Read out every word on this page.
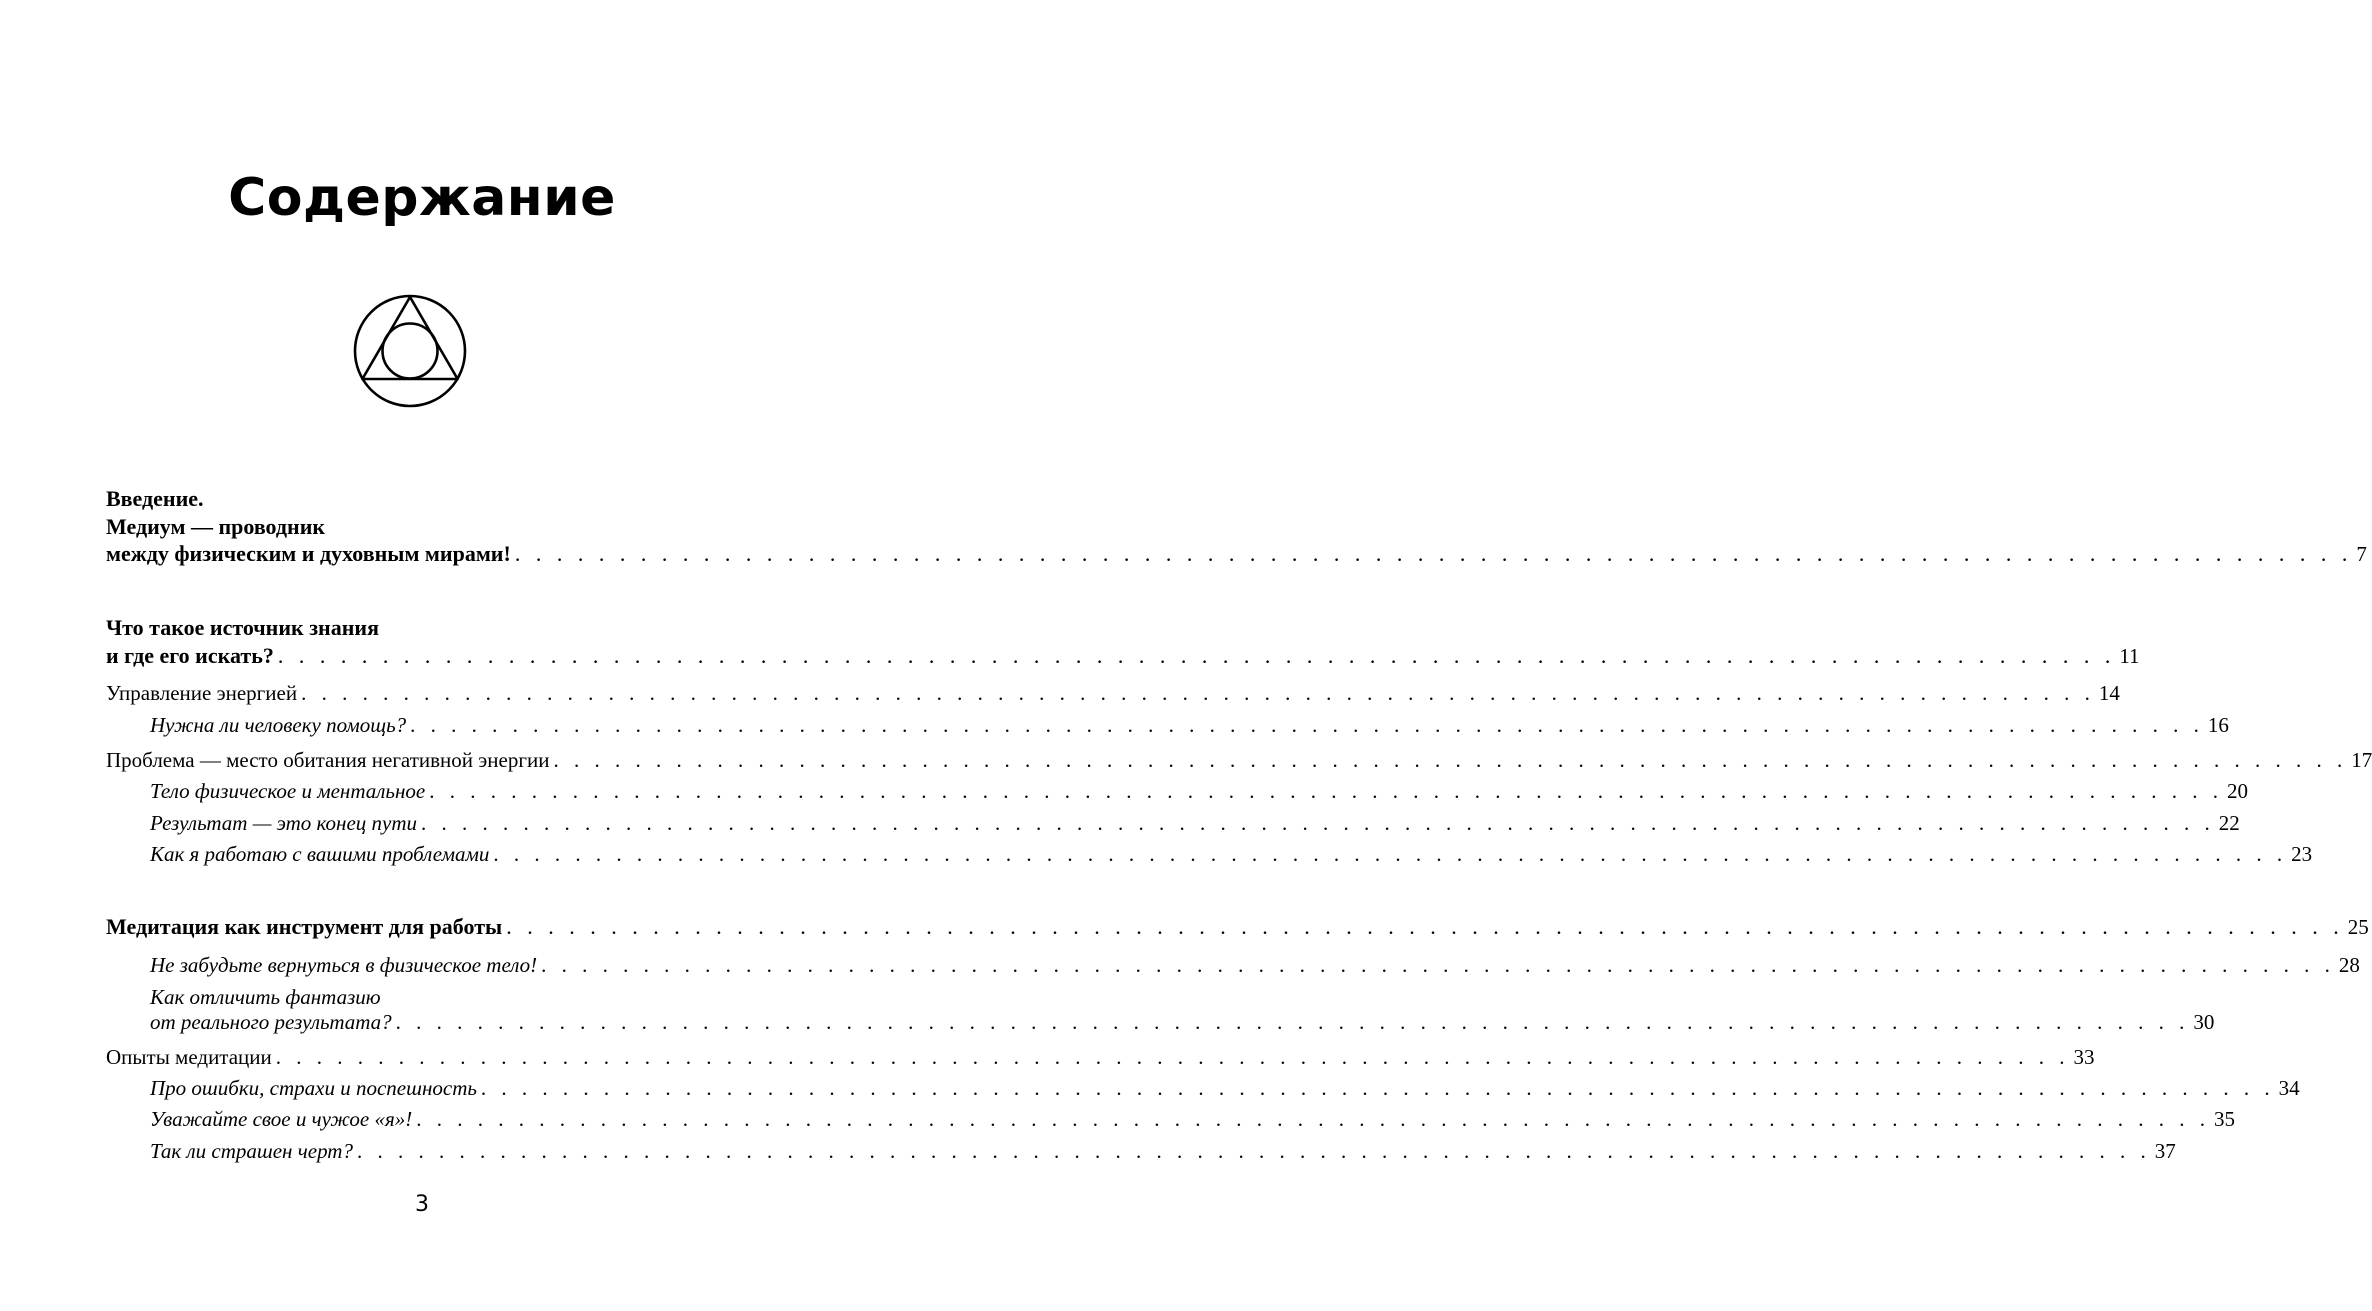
Содержание
Введение.
Медиум — проводник
между физическим и духовным мирами! . . . . . . . . . . . . . . . . . . . . . . . . . . . . . . . . . . . . . . . . . . . . . . . . . . . . . . . . . . . . . . . . . . . . . . . . . . . . . . . . . . . . . . . . 7
Что такое источник знания
и где его искать? . . . . . . . . . . . . . . . . . . . . . . . . . . . . . . . . . . . . . . . . . . . . . . . . . . . . . . . . . . . . . . . . . . . . . . . . . . . . . . . . . . . . . . . . 11
Управление энергией . . . . . . . . . . . . . . . . . . . . . . . . . . . . . . . . . . . . . . . . . . . . . . . . . . . . . . . . . . . . . . . . . . . . . . . . . . . . . . . . . . . . . . . . 14
Нужна ли человеку помощь? . . . . . . . . . . . . . . . . . . . . . . . . . . . . . . . . . . . . . . . . . . . . . . . . . . . . . . . . . . . . . . . . . . . . . . . . . . . . . . . . . . . . . . . . 16
Проблема — место обитания негативной энергии . . . . . . . . . . . . . . . . . . . . . . . . . . . . . . . . . . . . . . . . . . . . . . . . . . . . . . . . . . . . . . . . . . . . . . . . . . . . . . . . . . . . . . . . 17
Тело физическое и ментальное . . . . . . . . . . . . . . . . . . . . . . . . . . . . . . . . . . . . . . . . . . . . . . . . . . . . . . . . . . . . . . . . . . . . . . . . . . . . . . . . . . . . . . . . 20
Результат — это конец пути . . . . . . . . . . . . . . . . . . . . . . . . . . . . . . . . . . . . . . . . . . . . . . . . . . . . . . . . . . . . . . . . . . . . . . . . . . . . . . . . . . . . . . . . 22
Как я работаю с вашими проблемами . . . . . . . . . . . . . . . . . . . . . . . . . . . . . . . . . . . . . . . . . . . . . . . . . . . . . . . . . . . . . . . . . . . . . . . . . . . . . . . . . . . . . . . . 23
Медитация как инструмент для работы . . . . . . . . . . . . . . . . . . . . . . . . . . . . . . . . . . . . . . . . . . . . . . . . . . . . . . . . . . . . . . . . . . . . . . . . . . . . . . . . . . . . . . . . 25
Не забудьте вернуться в физическое тело! . . . . . . . . . . . . . . . . . . . . . . . . . . . . . . . . . . . . . . . . . . . . . . . . . . . . . . . . . . . . . . . . . . . . . . . . . . . . . . . . . . . . . . . . 28
Как отличить фантазию
от реального результата? . . . . . . . . . . . . . . . . . . . . . . . . . . . . . . . . . . . . . . . . . . . . . . . . . . . . . . . . . . . . . . . . . . . . . . . . . . . . . . . . . . . . . . . . 30
Опыты медитации . . . . . . . . . . . . . . . . . . . . . . . . . . . . . . . . . . . . . . . . . . . . . . . . . . . . . . . . . . . . . . . . . . . . . . . . . . . . . . . . . . . . . . . . 33
Про ошибки, страхи и поспешность . . . . . . . . . . . . . . . . . . . . . . . . . . . . . . . . . . . . . . . . . . . . . . . . . . . . . . . . . . . . . . . . . . . . . . . . . . . . . . . . . . . . . . . . 34
Уважайте свое и чужое «я»! . . . . . . . . . . . . . . . . . . . . . . . . . . . . . . . . . . . . . . . . . . . . . . . . . . . . . . . . . . . . . . . . . . . . . . . . . . . . . . . . . . . . . . . . 35
Так ли страшен черт? . . . . . . . . . . . . . . . . . . . . . . . . . . . . . . . . . . . . . . . . . . . . . . . . . . . . . . . . . . . . . . . . . . . . . . . . . . . . . . . . . . . . . . . . 37
3
